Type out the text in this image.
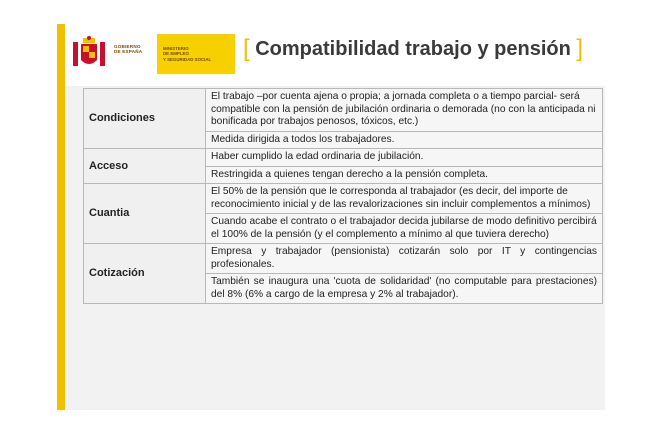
GOBIERNO
DE ESPAÑA
MINISTERIO
DE EMPLEO
Y SEGURIDAD SOCIAL [ Compatibilidad trabajo y pensión ]
Condiciones	El trabajo –por cuenta ajena o propia; a jornada completa o a tiempo parcial- será compatible con la pensión de jubilación ordinaria o demorada (no con la anticipada ni bonificada por trabajos penosos, tóxicos, etc.)
	Medida dirigida a todos los trabajadores.
Acceso	Haber cumplido la edad ordinaria de jubilación.
	Restringida a quienes tengan derecho a la pensión completa.
Cuantia	El 50% de la pensión que le corresponda al trabajador (es decir, del importe de reconocimiento inicial y de las revalorizaciones sin incluir complementos a mínimos)
	Cuando acabe el contrato o el trabajador decida jubilarse de modo definitivo percibirá el 100% de la pensión (y el complemento a mínimo al que tuviera derecho)
Cotización	Empresa y trabajador (pensionista) cotizarán solo por IT y contingencias profesionales.
	También se inaugura una 'cuota de solidaridad' (no computable para prestaciones) del 8% (6% a cargo de la empresa y 2% al trabajador).
